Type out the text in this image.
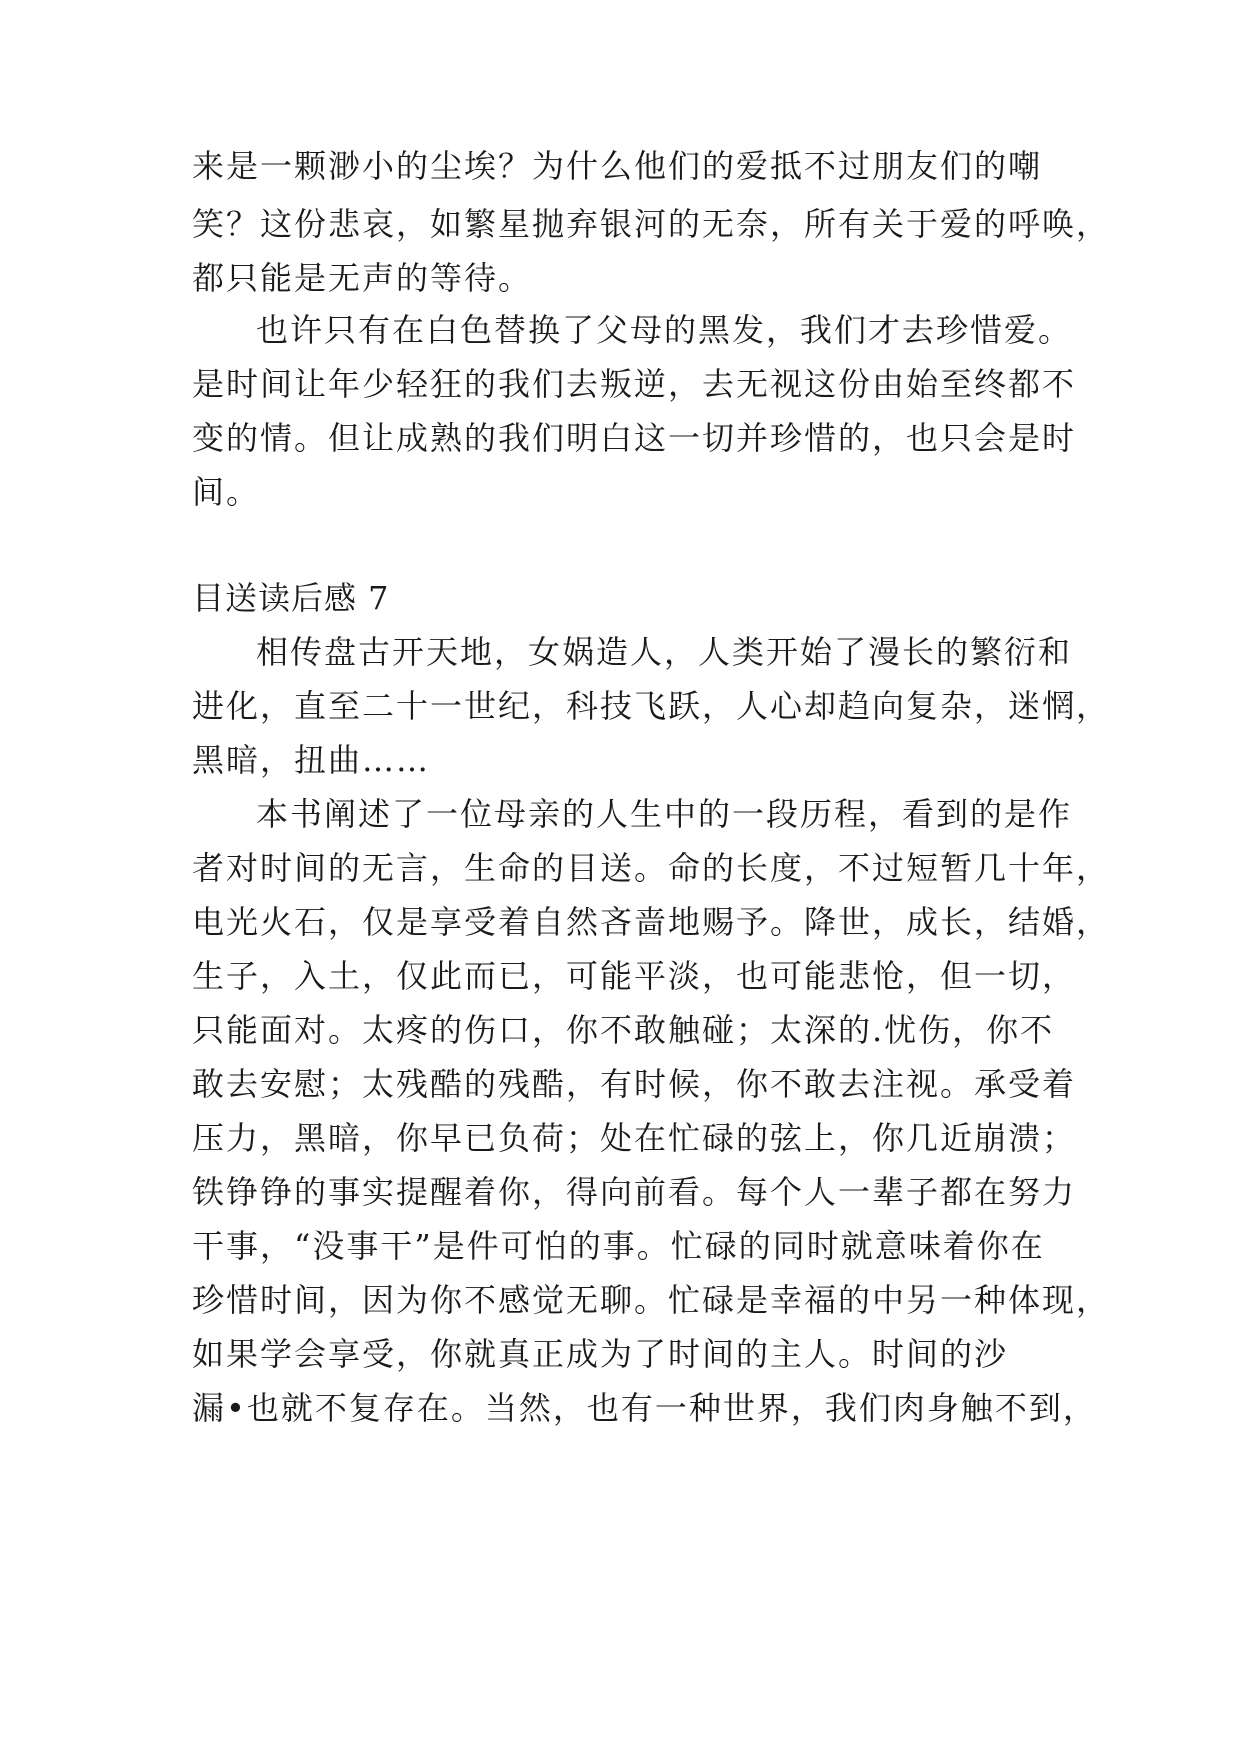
来是一颗渺小的尘埃？为什么他们的爱抵不过朋友们的嘲
笑？这份悲哀，如繁星抛弃银河的无奈，所有关于爱的呼唤，
都只能是无声的等待。
也许只有在白色替换了父母的黑发，我们才去珍惜爱。
是时间让年少轻狂的我们去叛逆，去无视这份由始至终都不
变的情。但让成熟的我们明白这一切并珍惜的，也只会是时
间。
目送读后感 7
相传盘古开天地，女娲造人，人类开始了漫长的繁衍和
进化，直至二十一世纪，科技飞跃，人心却趋向复杂，迷惘，
黑暗，扭曲……
本书阐述了一位母亲的人生中的一段历程，看到的是作
者对时间的无言，生命的目送。命的长度，不过短暂几十年，
电光火石，仅是享受着自然吝啬地赐予。降世，成长，结婚，
生子，入土，仅此而已，可能平淡，也可能悲怆，但一切，
只能面对。太疼的伤口，你不敢触碰；太深的.忧伤，你不
敢去安慰；太残酷的残酷，有时候，你不敢去注视。承受着
压力，黑暗，你早已负荷；处在忙碌的弦上，你几近崩溃；
铁铮铮的事实提醒着你，得向前看。每个人一辈子都在努力
干事，“没事干”是件可怕的事。忙碌的同时就意味着你在
珍惜时间，因为你不感觉无聊。忙碌是幸福的中另一种体现，
如果学会享受，你就真正成为了时间的主人。时间的沙
漏•也就不复存在。当然，也有一种世界，我们肉身触不到，
